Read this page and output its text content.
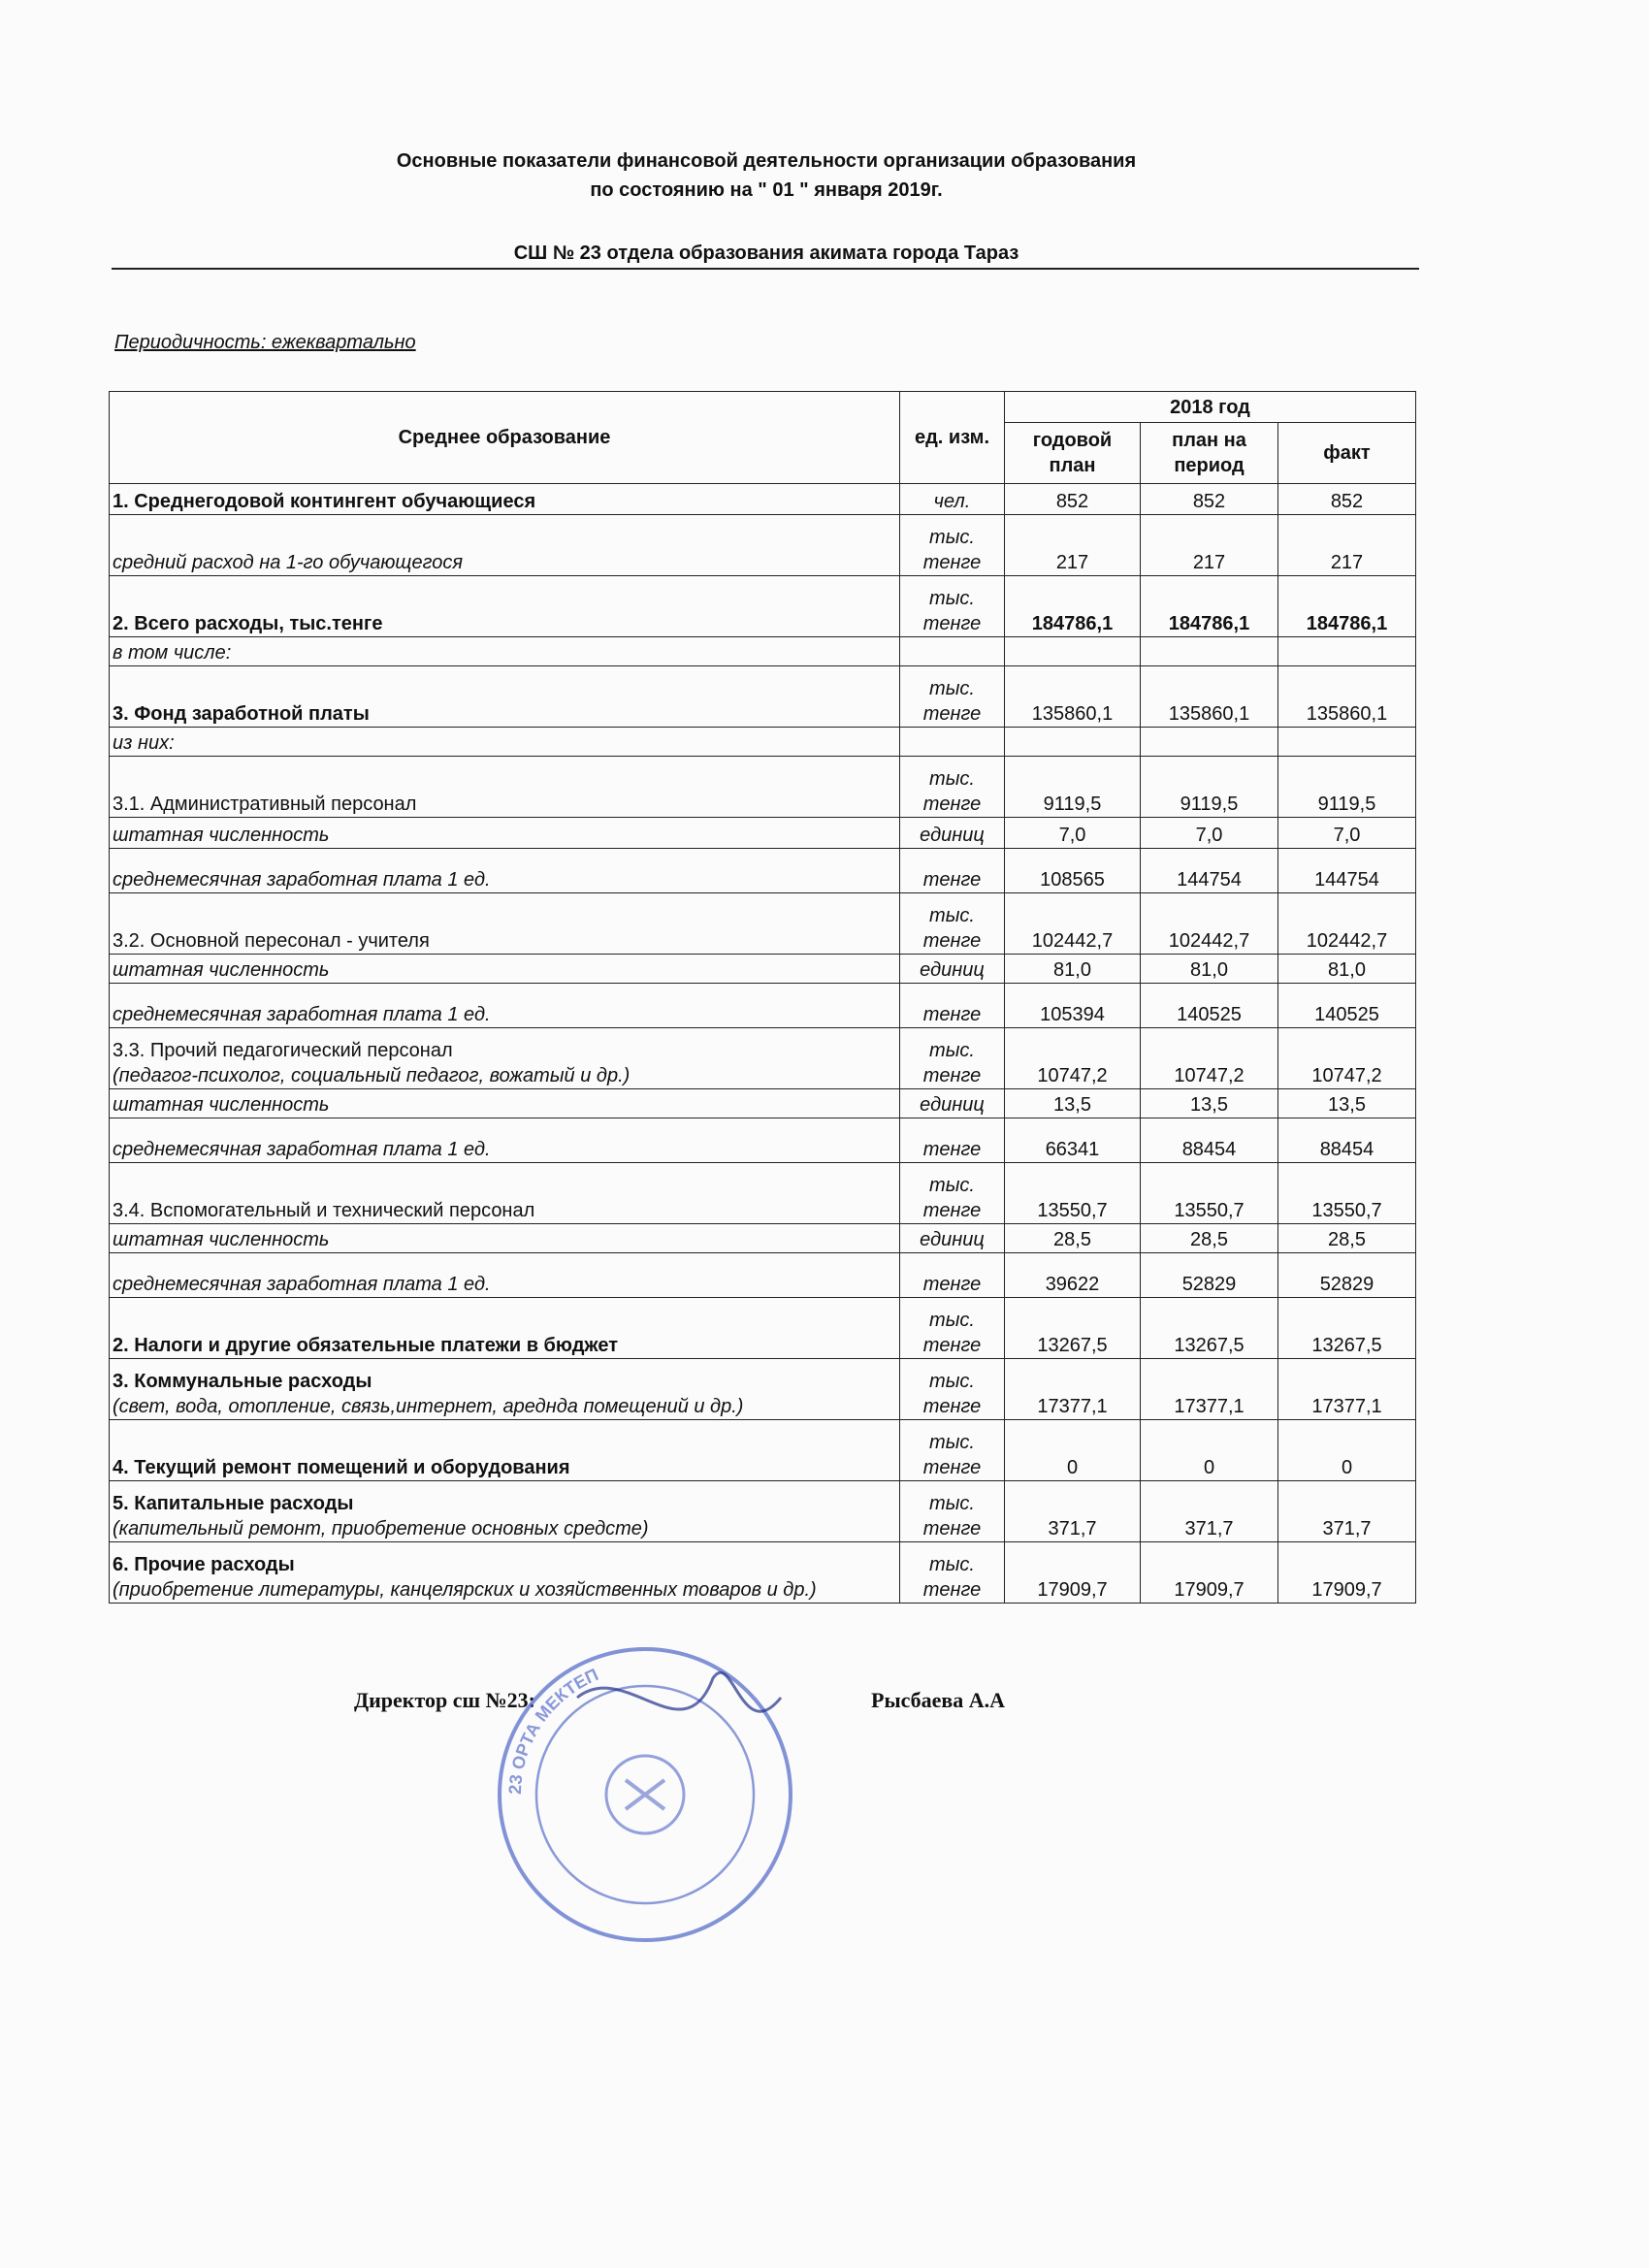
Основные показатели финансовой деятельности организации образования
по состоянию на " 01 " января 2019г.
СШ № 23 отдела образования акимата города Тараз
Периодичность: ежеквартально
Среднее образование	ед. изм.	2018 год		
		годовой план	план на период	факт
1. Среднегодовой контингент обучающиеся	чел.	852	852	852
средний расход на 1-го обучающегося	тыс. тенге	217	217	217
2. Всего расходы, тыс.тенге	тыс. тенге	184786,1	184786,1	184786,1
в том числе:				
3. Фонд заработной платы	тыс. тенге	135860,1	135860,1	135860,1
из них:				
3.1. Административный персонал	тыс. тенге	9119,5	9119,5	9119,5
штатная численность	единиц	7,0	7,0	7,0
среднемесячная заработная плата 1 ед.	тенге	108565	144754	144754
3.2. Основной пересонал - учителя	тыс. тенге	102442,7	102442,7	102442,7
штатная численность	единиц	81,0	81,0	81,0
среднемесячная заработная плата 1 ед.	тенге	105394	140525	140525
3.3. Прочий педагогический персонал
(педагог-психолог, социальный педагог, вожатый и др.)	тыс. тенге	10747,2	10747,2	10747,2
штатная численность	единиц	13,5	13,5	13,5
среднемесячная заработная плата 1 ед.	тенге	66341	88454	88454
3.4. Вспомогательный и технический персонал	тыс. тенге	13550,7	13550,7	13550,7
штатная численность	единиц	28,5	28,5	28,5
среднемесячная заработная плата 1 ед.	тенге	39622	52829	52829
2. Налоги и другие обязательные платежи в бюджет	тыс. тенге	13267,5	13267,5	13267,5
3. Коммунальные расходы
(свет, вода, отопление, связь,интернет, ареднда помещений и др.)	тыс. тенге	17377,1	17377,1	17377,1
4. Текущий ремонт помещений и оборудования	тыс. тенге	0	0	0
5. Капитальные расходы
(капительный ремонт, приобретение основных средстe)	тыс. тенге	371,7	371,7	371,7
6. Прочие расходы
(приобретение литературы, канцелярских и хозяйственных товаров и др.)	тыс. тенге	17909,7	17909,7	17909,7
Директор сш №23:	Рысбаева А.А
23 ОРТА МЕКТЕП
